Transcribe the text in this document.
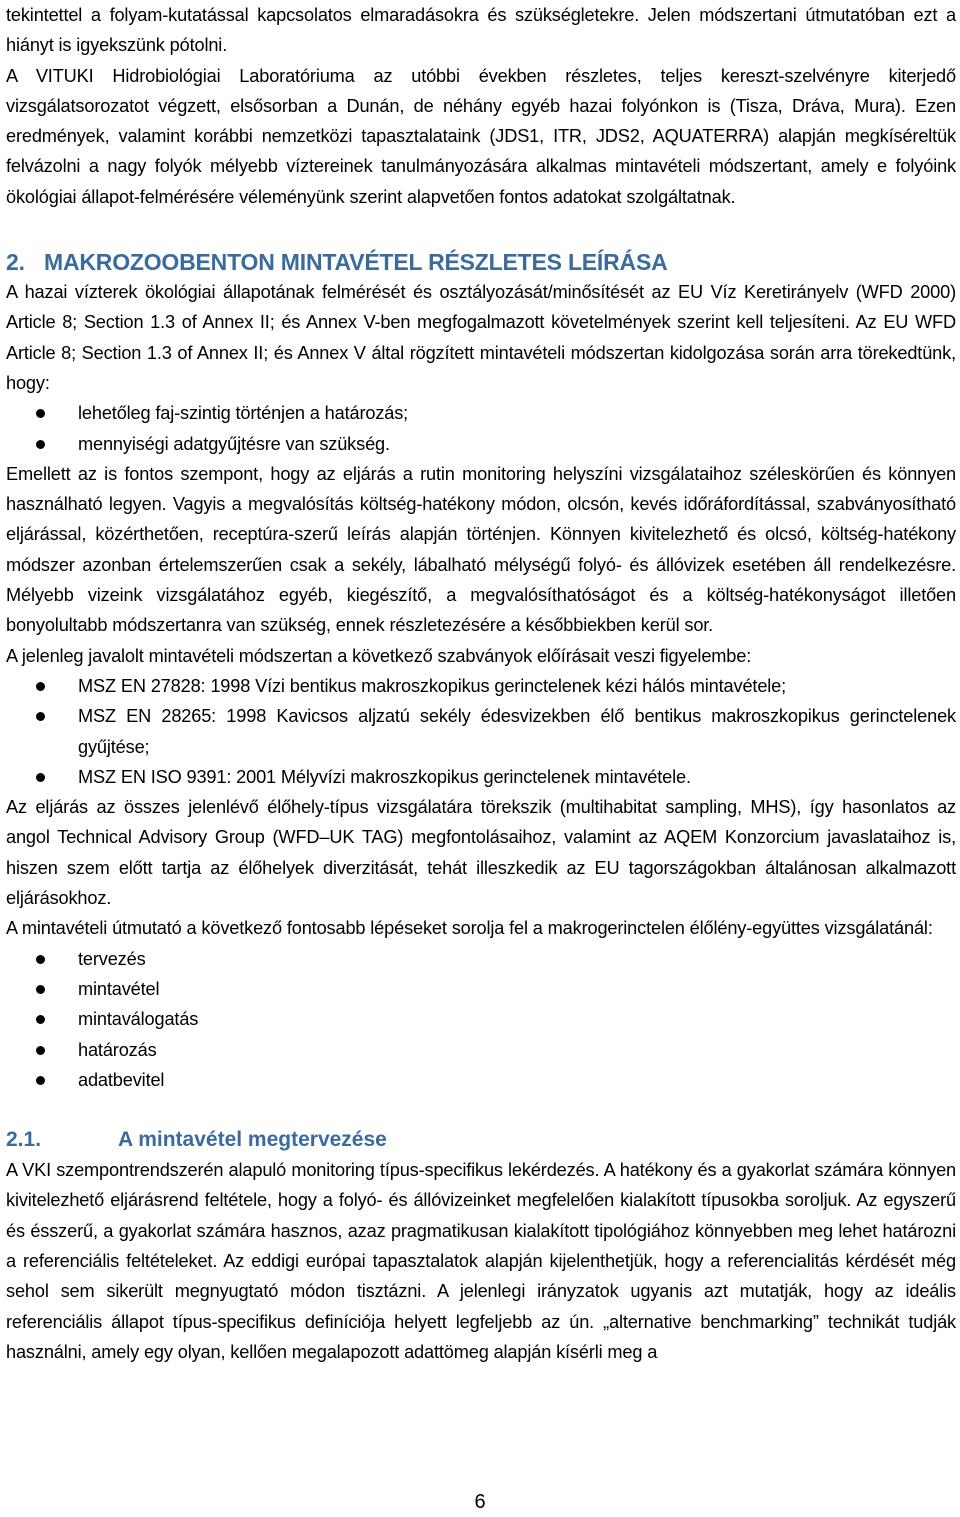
tekintettel a folyam-kutatással kapcsolatos elmaradásokra és szükségletekre. Jelen módszertani útmutatóban ezt a hiányt is igyekszünk pótolni.

A VITUKI Hidrobiológiai Laboratóriuma az utóbbi években részletes, teljes kereszt-szelvényre kiterjedő vizsgálatsorozatot végzett, elsősorban a Dunán, de néhány egyéb hazai folyónkon is (Tisza, Dráva, Mura). Ezen eredmények, valamint korábbi nemzetközi tapasztalataink (JDS1, ITR, JDS2, AQUATERRA) alapján megkíséreltük felvázolni a nagy folyók mélyebb víztereinek tanulmányozására alkalmas mintavételi módszertant, amely e folyóink ökológiai állapot-felmérésére véleményünk szerint alapvetően fontos adatokat szolgáltatnak.

2. MAKROZOOBENTON MINTAVÉTEL RÉSZLETES LEÍRÁSA

A hazai vízterek ökológiai állapotának felmérését és osztályozását/minősítését az EU Víz Keretirányelv (WFD 2000) Article 8; Section 1.3 of Annex II; és Annex V-ben megfogalmazott követelmények szerint kell teljesíteni. Az EU WFD Article 8; Section 1.3 of Annex II; és Annex V által rögzített mintavételi módszertan kidolgozása során arra törekedtünk, hogy:

lehetőleg faj-szintig történjen a határozás;
mennyiségi adatgyűjtésre van szükség.

Emellett az is fontos szempont, hogy az eljárás a rutin monitoring helyszíni vizsgálataihoz széleskörűen és könnyen használható legyen. Vagyis a megvalósítás költség-hatékony módon, olcsón, kevés időráfordítással, szabványosítható eljárással, közérthetően, receptúra-szerű leírás alapján történjen. Könnyen kivitelezhető és olcsó, költség-hatékony módszer azonban értelemszerűen csak a sekély, lábalható mélységű folyó- és állóvizek esetében áll rendelkezésre. Mélyebb vizeink vizsgálatához egyéb, kiegészítő, a megvalósíthatóságot és a költség-hatékonyságot illetően bonyolultabb módszertanra van szükség, ennek részletezésére a későbbiekben kerül sor.

A jelenleg javalolt mintavételi módszertan a következő szabványok előírásait veszi figyelembe:

MSZ EN 27828: 1998 Vízi bentikus makroszkopikus gerinctelenek kézi hálós mintavétele;
MSZ EN 28265: 1998 Kavicsos aljzatú sekély édesvizekben élő bentikus makroszkopikus gerinctelenek gyűjtése;
MSZ EN ISO 9391: 2001 Mélyvízi makroszkopikus gerinctelenek mintavétele.

Az eljárás az összes jelenlévő élőhely-típus vizsgálatára törekszik (multihabitat sampling, MHS), így hasonlatos az angol Technical Advisory Group (WFD–UK TAG) megfontolásaihoz, valamint az AQEM Konzorcium javaslataihoz is, hiszen szem előtt tartja az élőhelyek diverzitását, tehát illeszkedik az EU tagországokban általánosan alkalmazott eljárásokhoz.

A mintavételi útmutató a következő fontosabb lépéseket sorolja fel a makrogerinctelen élőlény-együttes vizsgálatánál:

tervezés
mintavétel
mintaválogatás
határozás
adatbevitel
2.1.	A mintavétel megtervezése

A VKI szempontrendszerén alapuló monitoring típus-specifikus lekérdezés. A hatékony és a gyakorlat számára könnyen kivitelezhető eljárásrend feltétele, hogy a folyó- és állóvizeinket megfelelően kialakított típusokba soroljuk. Az egyszerű és ésszerű, a gyakorlat számára hasznos, azaz pragmatikusan kialakított tipológiához könnyebben meg lehet határozni a referenciális feltételeket. Az eddigi európai tapasztalatok alapján kijelenthetjük, hogy a referencialitás kérdését még sehol sem sikerült megnyugtató módon tisztázni. A jelenlegi irányzatok ugyanis azt mutatják, hogy az ideális referenciális állapot típus-specifikus definíciója helyett legfeljebb az ún. „alternative benchmarking” technikát tudják használni, amely egy olyan, kellően megalapozott adattömeg alapján kísérli meg a

6
